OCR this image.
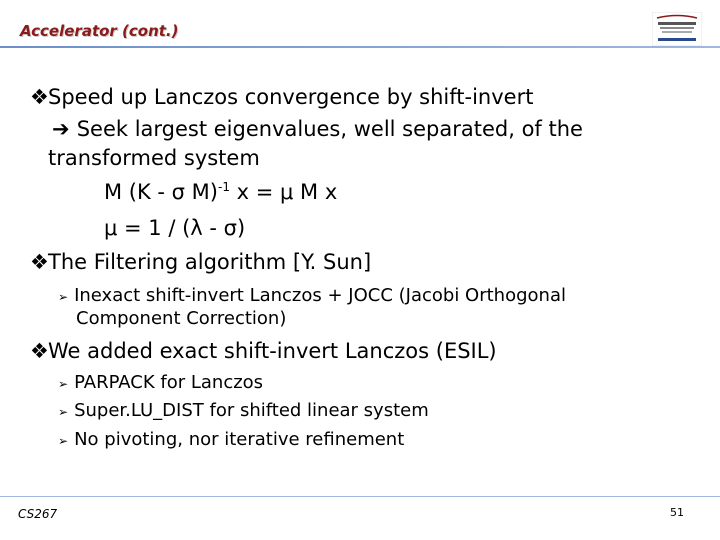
Accelerator (cont.)
❖Speed up Lanczos convergence by shift-invert
➔ Seek largest eigenvalues, well separated, of the
transformed system
M (K - σ M)$^{-1}$ x = μ M x
μ = 1 / (λ - σ)
❖The Filtering algorithm [Y. Sun]
➢ Inexact shift-invert Lanczos + JOCC (Jacobi Orthogonal
Component Correction)
❖We added exact shift-invert Lanczos (ESIL)
➢ PARPACK for Lanczos
➢ Super.LU_DIST for shifted linear system
➢ No pivoting, nor iterative refinement
CS267	51
